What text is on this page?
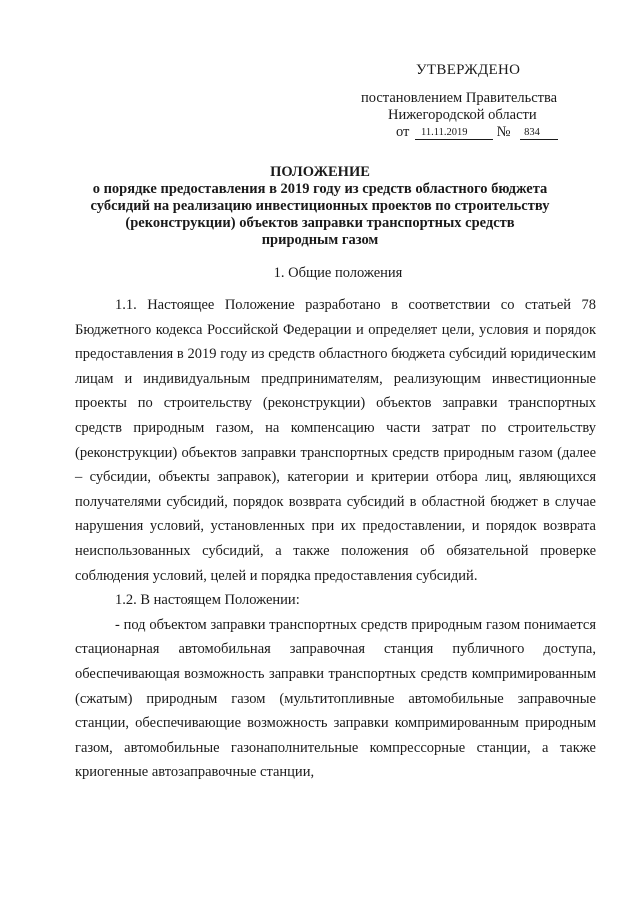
УТВЕРЖДЕНО
постановлением Правительства
Нижегородской области
от 11.11.2019 № 834
ПОЛОЖЕНИЕ
о порядке предоставления в 2019 году из средств областного бюджета
субсидий на реализацию инвестиционных проектов по строительству
(реконструкции) объектов заправки транспортных средств
природным газом
1. Общие положения

1.1. Настоящее Положение разработано в соответствии со статьей 78 Бюджетного кодекса Российской Федерации и определяет цели, условия и порядок предоставления в 2019 году из средств областного бюджета субсидий юридическим лицам и индивидуальным предпринимателям, реализующим инвестиционные проекты по строительству (реконструкции) объектов заправки транспортных средств природным газом, на компенсацию части затрат по строительству (реконструкции) объектов заправки транспортных средств природным газом (далее – субсидии, объекты заправок), категории и критерии отбора лиц, являющихся получателями субсидий, порядок возврата субсидий в областной бюджет в случае нарушения условий, установленных при их предоставлении, и порядок возврата неиспользованных субсидий, а также положения об обязательной проверке соблюдения условий, целей и порядка предоставления субсидий.

1.2. В настоящем Положении:

- под объектом заправки транспортных средств природным газом понимается стационарная автомобильная заправочная станция публичного доступа, обеспечивающая возможность заправки транспортных средств компримированным (сжатым) природным газом (мультитопливные автомобильные заправочные станции, обеспечивающие возможность заправки компримированным природным газом, автомобильные газонаполнительные компрессорные станции, а также криогенные автозаправочные станции,
